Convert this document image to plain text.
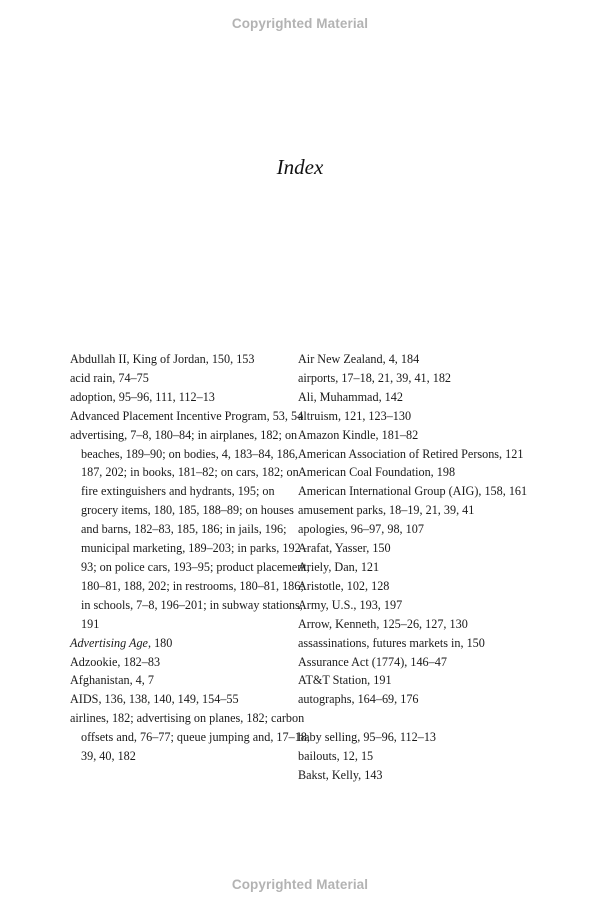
Copyrighted Material
Index
Abdullah II, King of Jordan, 150, 153
acid rain, 74–75
adoption, 95–96, 111, 112–13
Advanced Placement Incentive Program, 53, 54
advertising, 7–8, 180–84; in airplanes, 182; on beaches, 189–90; on bodies, 4, 183–84, 186, 187, 202; in books, 181–82; on cars, 182; on fire extinguishers and hydrants, 195; on grocery items, 180, 185, 188–89; on houses and barns, 182–83, 185, 186; in jails, 196; municipal marketing, 189–203; in parks, 192–93; on police cars, 193–95; product placement, 180–81, 188, 202; in restrooms, 180–81, 186; in schools, 7–8, 196–201; in subway stations, 191
Advertising Age, 180
Adzookie, 182–83
Afghanistan, 4, 7
AIDS, 136, 138, 140, 149, 154–55
airlines, 182; advertising on planes, 182; carbon offsets and, 76–77; queue jumping and, 17–18, 39, 40, 182
Air New Zealand, 4, 184
airports, 17–18, 21, 39, 41, 182
Ali, Muhammad, 142
altruism, 121, 123–130
Amazon Kindle, 181–82
American Association of Retired Persons, 121
American Coal Foundation, 198
American International Group (AIG), 158, 161
amusement parks, 18–19, 21, 39, 41
apologies, 96–97, 98, 107
Arafat, Yasser, 150
Ariely, Dan, 121
Aristotle, 102, 128
Army, U.S., 193, 197
Arrow, Kenneth, 125–26, 127, 130
assassinations, futures markets in, 150
Assurance Act (1774), 146–47
AT&T Station, 191
autographs, 164–69, 176
baby selling, 95–96, 112–13
bailouts, 12, 15
Bakst, Kelly, 143
Copyrighted Material
